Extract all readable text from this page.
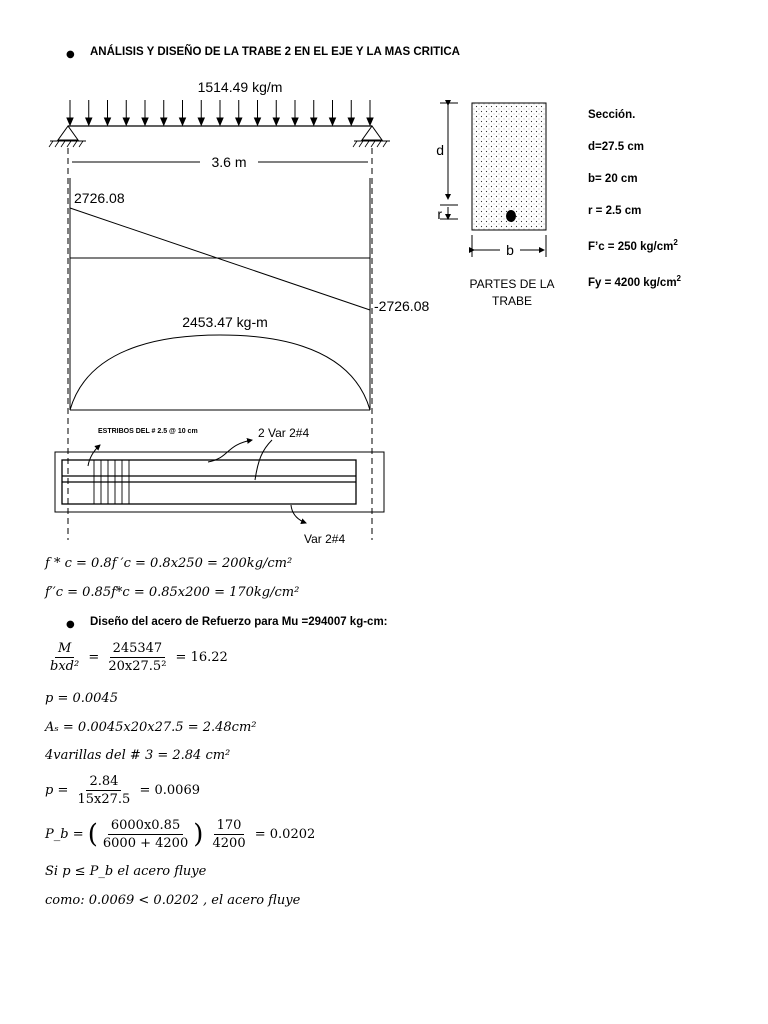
● ANÁLISIS Y DISEÑO DE LA TRABE 2 EN EL EJE Y LA MAS CRITICA
1514.49 kg/m
3.6 m
2726.08
-2726.08
2453.47 kg-m
ESTRIBOS DEL # 2.5 @ 10 cm	2 Var 2#4
Var 2#4
d
r
b
PARTES DE LA
TRABE
Sección.
d=27.5 cm
b= 20 cm
r = 2.5 cm
F’c = 250 $kg/cm^2$
Fy = 4200 $kg/cm^2$
f * c = 0.8f ′c = 0.8x250 = 200kg/cm²
f′′c = 0.85f*c = 0.85x200 = 170kg/cm²
● Diseño del acero de Refuerzo para Mu =294007 kg-cm:
$\frac{M}{\text{bxd²}} = \frac{245347}{\text{20x27.5²}} = 16.22$
p = 0.0045
Aₛ = 0.0045x20x27.5 = 2.48cm²
4varillas del # 3 = 2.84 cm²
$p = \frac{2.84}{15x27.5} = 0.0069$
P_b = ( $\frac{6000x0.85}{6000 + 4200}$ ) $\frac{170}{4200} = 0.0202$
Si p ≤ P_b el acero fluye
como: 0.0069 < 0.0202 , el acero fluye
